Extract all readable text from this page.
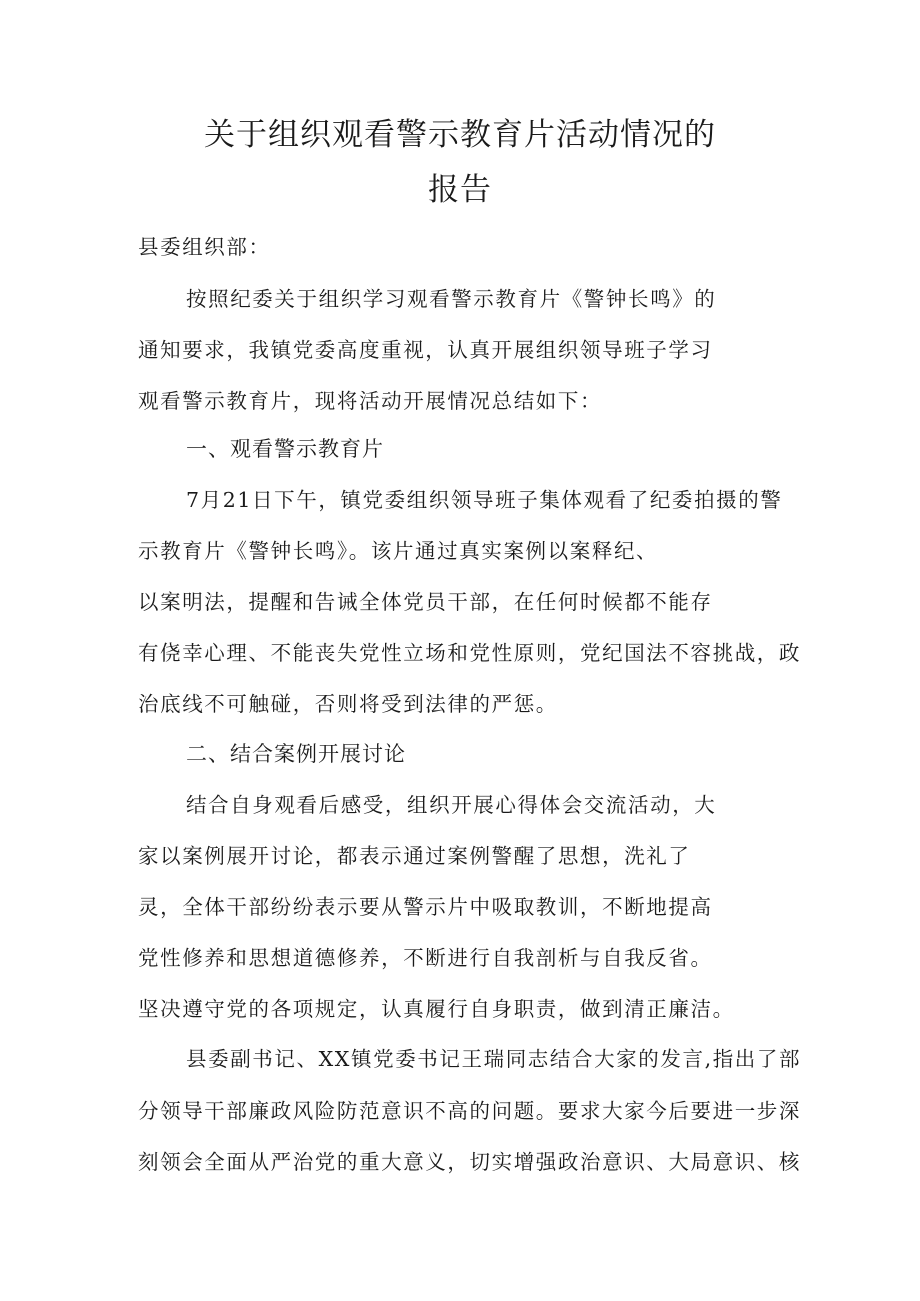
关于组织观看警示教育片活动情况的
报告
县委组织部：
按照纪委关于组织学习观看警示教育片《警钟长鸣》的
通知要求，我镇党委高度重视，认真开展组织领导班子学习
观看警示教育片，现将活动开展情况总结如下：
一、观看警示教育片
7月21日下午，镇党委组织领导班子集体观看了纪委拍摄的警
示教育片《警钟长鸣》。该片通过真实案例以案释纪、
以案明法，提醒和告诫全体党员干部，在任何时候都不能存
有侥幸心理、不能丧失党性立场和党性原则，党纪国法不容挑战，政
治底线不可触碰，否则将受到法律的严惩。
二、结合案例开展讨论
结合自身观看后感受，组织开展心得体会交流活动，大
家以案例展开讨论，都表示通过案例警醒了思想，洗礼了
灵，全体干部纷纷表示要从警示片中吸取教训，不断地提高
党性修养和思想道德修养，不断进行自我剖析与自我反省。
坚决遵守党的各项规定，认真履行自身职责，做到清正廉洁。
县委副书记、XX镇党委书记王瑞同志结合大家的发言,指出了部
分领导干部廉政风险防范意识不高的问题。要求大家今后要进一步深
刻领会全面从严治党的重大意义，切实增强政治意识、大局意识、核
